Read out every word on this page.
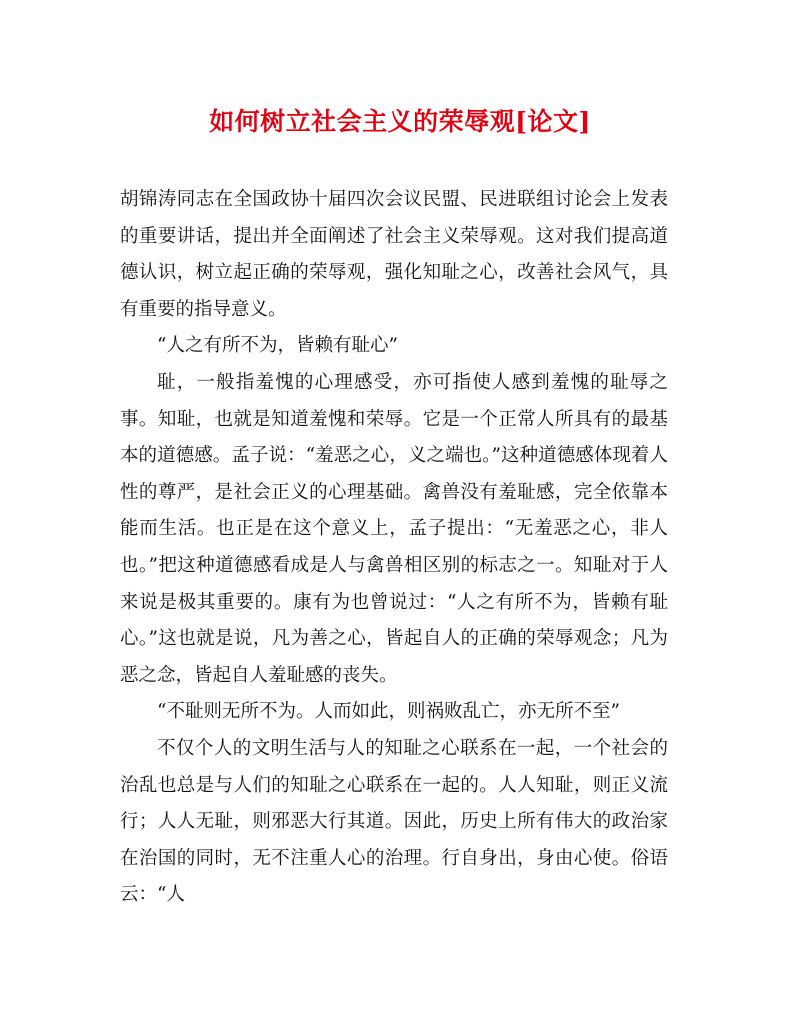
如何树立社会主义的荣辱观[论文]

胡锦涛同志在全国政协十届四次会议民盟、民进联组讨论会上发表的重要讲话，提出并全面阐述了社会主义荣辱观。这对我们提高道德认识，树立起正确的荣辱观，强化知耻之心，改善社会风气，具有重要的指导意义。

“人之有所不为，皆赖有耻心”

耻，一般指羞愧的心理感受，亦可指使人感到羞愧的耻辱之事。知耻，也就是知道羞愧和荣辱。它是一个正常人所具有的最基本的道德感。孟子说：“羞恶之心，义之端也。”这种道德感体现着人性的尊严，是社会正义的心理基础。禽兽没有羞耻感，完全依靠本能而生活。也正是在这个意义上，孟子提出：“无羞恶之心，非人也。”把这种道德感看成是人与禽兽相区别的标志之一。知耻对于人来说是极其重要的。康有为也曾说过：“人之有所不为，皆赖有耻心。”这也就是说，凡为善之心，皆起自人的正确的荣辱观念；凡为恶之念，皆起自人羞耻感的丧失。

“不耻则无所不为。人而如此，则祸败乱亡，亦无所不至”

不仅个人的文明生活与人的知耻之心联系在一起，一个社会的治乱也总是与人们的知耻之心联系在一起的。人人知耻，则正义流行；人人无耻，则邪恶大行其道。因此，历史上所有伟大的政治家在治国的同时，无不注重人心的治理。行自身出，身由心使。俗语云：“人
